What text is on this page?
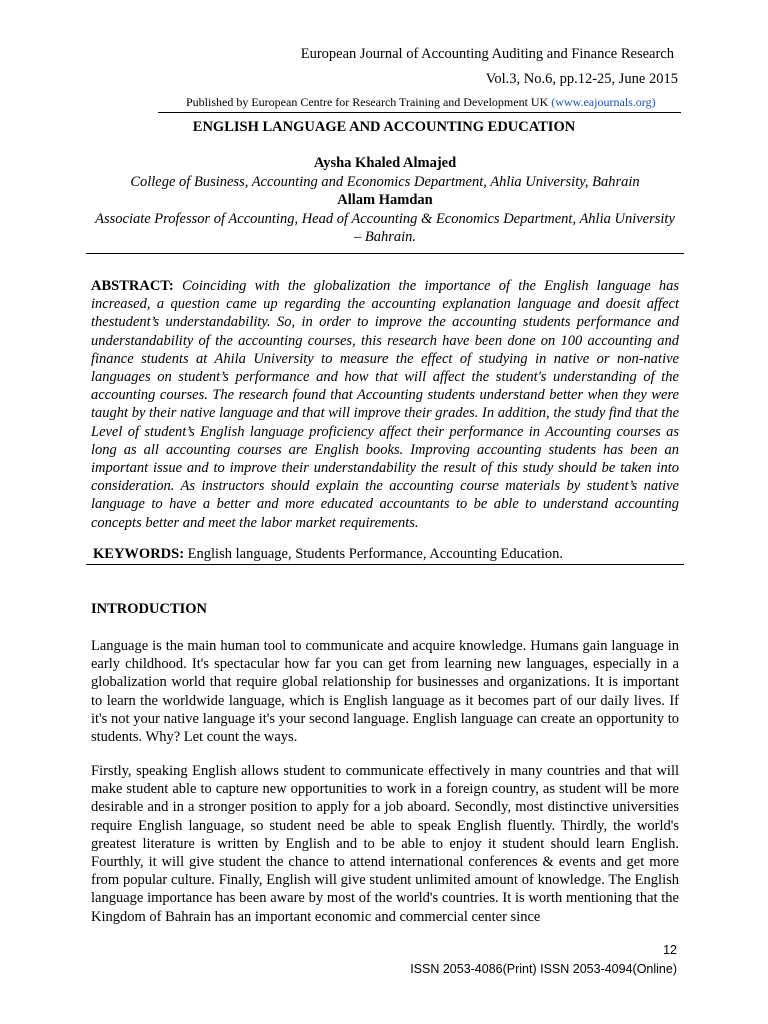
European Journal of Accounting Auditing and Finance Research
Vol.3, No.6, pp.12-25, June 2015
Published by European Centre for Research Training and Development UK (www.eajournals.org)
ENGLISH LANGUAGE AND ACCOUNTING EDUCATION
Aysha Khaled Almajed
College of Business, Accounting and Economics Department, Ahlia University, Bahrain
Allam Hamdan
Associate Professor of Accounting, Head of Accounting & Economics Department, Ahlia University – Bahrain.
ABSTRACT: Coinciding with the globalization the importance of the English language has increased, a question came up regarding the accounting explanation language and doesit affect thestudent’s understandability. So, in order to improve the accounting students performance and understandability of the accounting courses, this research have been done on 100 accounting and finance students at Ahila University to measure the effect of studying in native or non-native languages on student’s performance and how that will affect the student's understanding of the accounting courses. The research found that Accounting students understand better when they were taught by their native language and that will improve their grades. In addition, the study find that the Level of student’s English language proficiency affect their performance in Accounting courses as long as all accounting courses are English books. Improving accounting students has been an important issue and to improve their understandability the result of this study should be taken into consideration. As instructors should explain the accounting course materials by student’s native language to have a better and more educated accountants to be able to understand accounting concepts better and meet the labor market requirements.
KEYWORDS: English language, Students Performance, Accounting Education.
INTRODUCTION
Language is the main human tool to communicate and acquire knowledge. Humans gain language in early childhood. It's spectacular how far you can get from learning new languages, especially in a globalization world that require global relationship for businesses and organizations. It is important to learn the worldwide language, which is English language as it becomes part of our daily lives. If it's not your native language it's your second language. English language can create an opportunity to students. Why? Let count the ways.
Firstly, speaking English allows student to communicate effectively in many countries and that will make student able to capture new opportunities to work in a foreign country, as student will be more desirable and in a stronger position to apply for a job aboard. Secondly, most distinctive universities require English language, so student need be able to speak English fluently. Thirdly, the world's greatest literature is written by English and to be able to enjoy it student should learn English. Fourthly, it will give student the chance to attend international conferences & events and get more from popular culture. Finally, English will give student unlimited amount of knowledge. The English language importance has been aware by most of the world's countries. It is worth mentioning that the Kingdom of Bahrain has an important economic and commercial center since
12
ISSN 2053-4086(Print) ISSN 2053-4094(Online)
